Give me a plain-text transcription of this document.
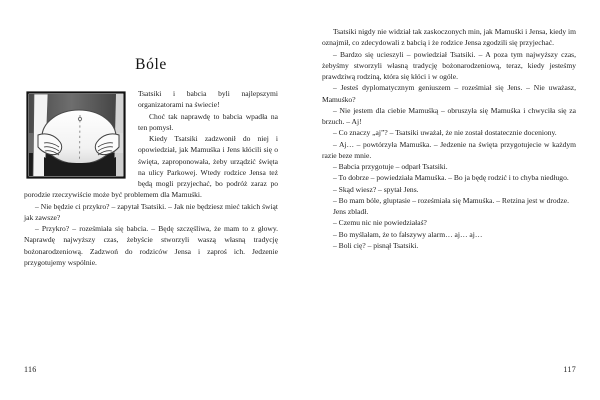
Bóle

Tsatsiki i babcia byli najlepszymi organizatorami na świecie!

Choć tak naprawdę to babcia wpadła na ten pomysł.

Kiedy Tsatsiki zadzwonił do niej i opowiedział, jak Mamuśka i Jens kłócili się o święta, zaproponowała, żeby urządzić święta na ulicy Parkowej. Wtedy rodzice Jensa też będą mogli przyjechać, bo podróż zaraz po porodzie rzeczywiście może być problemem dla Mamuśki.

– Nie będzie ci przykro? – zapytał Tsatsiki. – Jak nie będziesz mieć takich świąt jak zawsze?

– Przykro? – roześmiała się babcia. – Będę szczęśliwa, że mam to z głowy. Naprawdę najwyższy czas, żebyście stworzyli waszą własną tradycję bożonarodzeniową. Zadzwoń do rodziców Jensa i zaproś ich. Jedzenie przygotujemy wspólnie.

116

Tsatsiki nigdy nie widział tak zaskoczonych min, jak Mamuśki i Jensa, kiedy im oznajmił, co zdecydowali z babcią i że rodzice Jensa zgodzili się przyjechać.

– Bardzo się ucieszyli – powiedział Tsatsiki. – A poza tym najwyższy czas, żebyśmy stworzyli własną tradycję bożonarodzeniową, teraz, kiedy jesteśmy prawdziwą rodziną, która się kłóci i w ogóle.

– Jesteś dyplomatycznym geniuszem – roześmiał się Jens. – Nie uważasz, Mamuśko?

– Nie jestem dla ciebie Mamuśką – obruszyła się Mamuśka i chwyciła się za brzuch. – Aj!

– Co znaczy „aj”? – Tsatsiki uważał, że nie został dostatecznie doceniony.

– Aj… – powtórzyła Mamuśka. – Jedzenie na święta przygotujecie w każdym razie beze mnie.

– Babcia przygotuje – odparł Tsatsiki.

– To dobrze – powiedziała Mamuśka. – Bo ja będę rodzić i to chyba niedługo.

– Skąd wiesz? – spytał Jens.

– Bo mam bóle, gluptasie – roześmiała się Mamuśka. – Retzina jest w drodze.

Jens zbladł.

– Czemu nic nie powiedziałaś?

– Bo myślałam, że to fałszywy alarm… aj… aj…

– Boli cię? – pisnął Tsatsiki.

117
